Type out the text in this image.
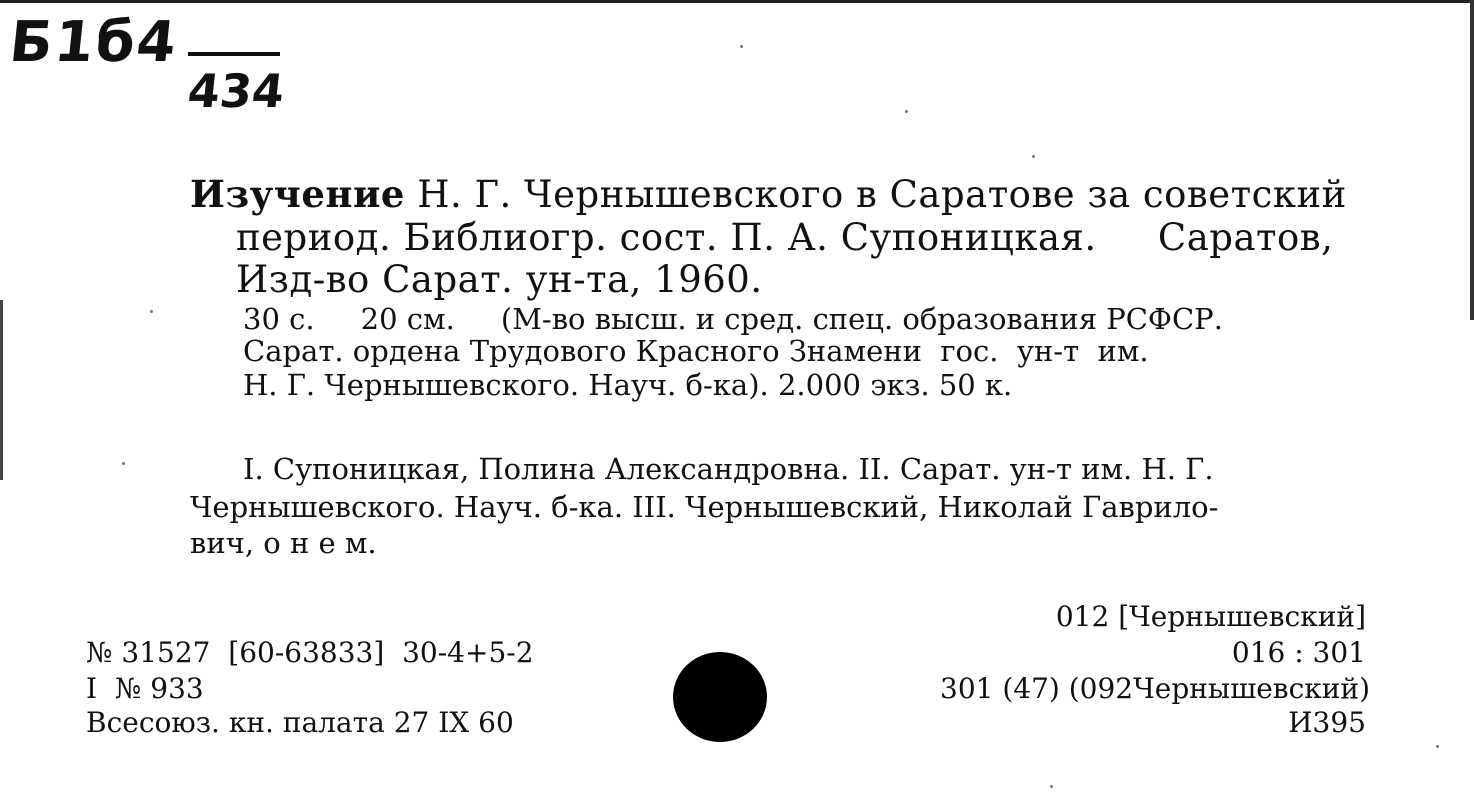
Б1б4
434
Изучение Н. Г. Чернышевского в Саратове за советский
период. Библиогр. сост. П. А. Супоницкая.     Саратов,
Изд-во Сарат. ун-та, 1960.
30 с.     20 см.     (М-во высш. и сред. спец. образования РСФСР.
Сарат. ордена Трудового Красного Знамени  гос.  ун-т  им.
Н. Г. Чернышевского. Науч. б-ка). 2.000 экз. 50 к.
I. Супоницкая, Полина Александровна. II. Сарат. ун-т им. Н. Г.
Чернышевского. Науч. б-ка. III. Чернышевский, Николай Гаврило-
вич, о н е м.
№ 31527  [60-63833]  30-4+5-2
I  № 933
Всесоюз. кн. палата 27 IX 60
012 [Чернышевский]
016 : 301
301 (47) (092Чернышевский)
И395
